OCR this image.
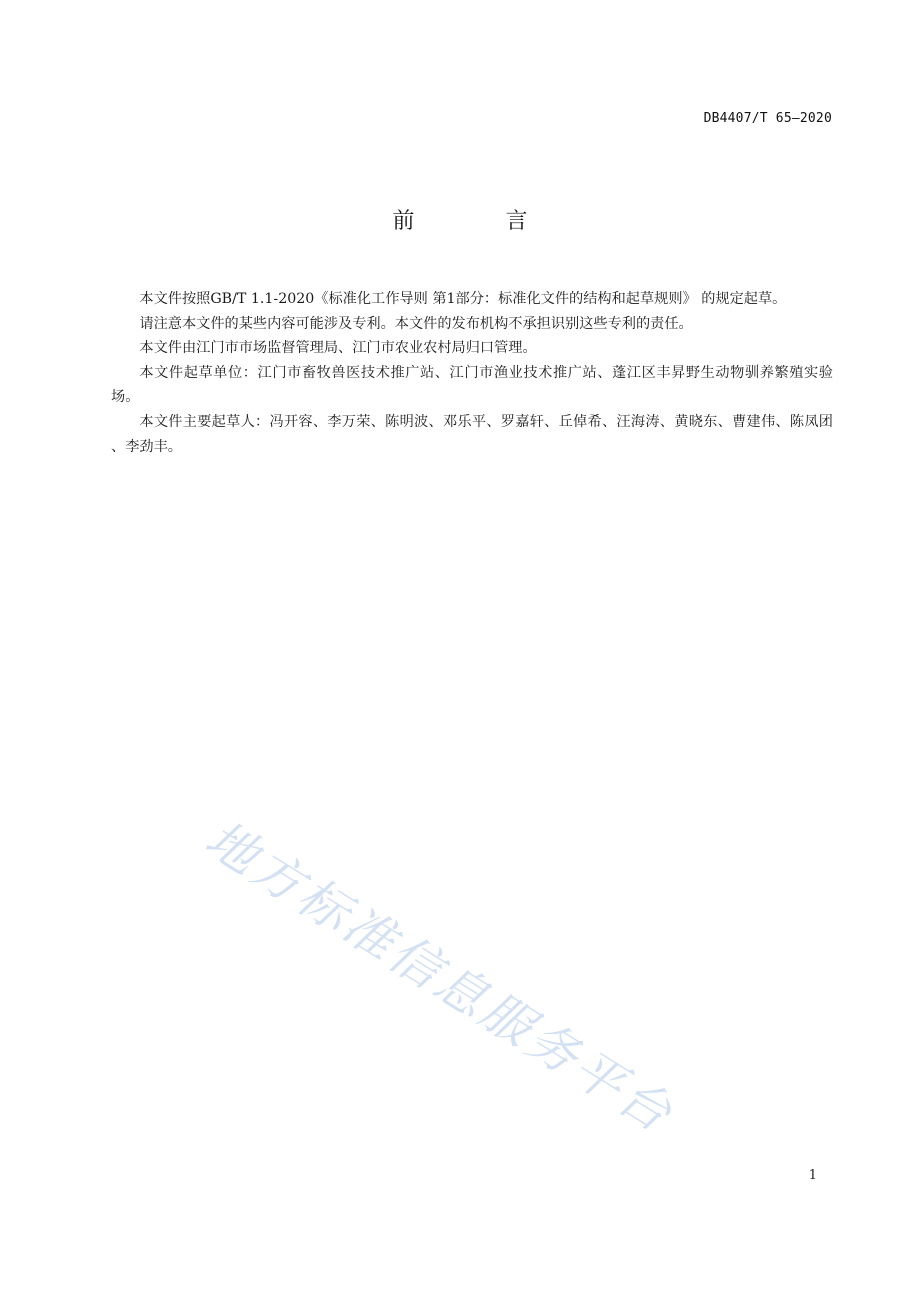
DB4407/T 65—2020
前 言

本文件按照GB/T 1.1-2020《标准化工作导则 第1部分：标准化文件的结构和起草规则》 的规定起草。

请注意本文件的某些内容可能涉及专利。本文件的发布机构不承担识别这些专利的责任。

本文件由江门市市场监督管理局、江门市农业农村局归口管理。

本文件起草单位：江门市畜牧兽医技术推广站、江门市渔业技术推广站、蓬江区丰昇野生动物驯养繁殖实验场。

本文件主要起草人：冯开容、李万荣、陈明波、邓乐平、罗嘉轩、丘倬希、汪海涛、黄晓东、曹建伟、陈凤团 、李劲丰。

地方标准信息服务平台
1
